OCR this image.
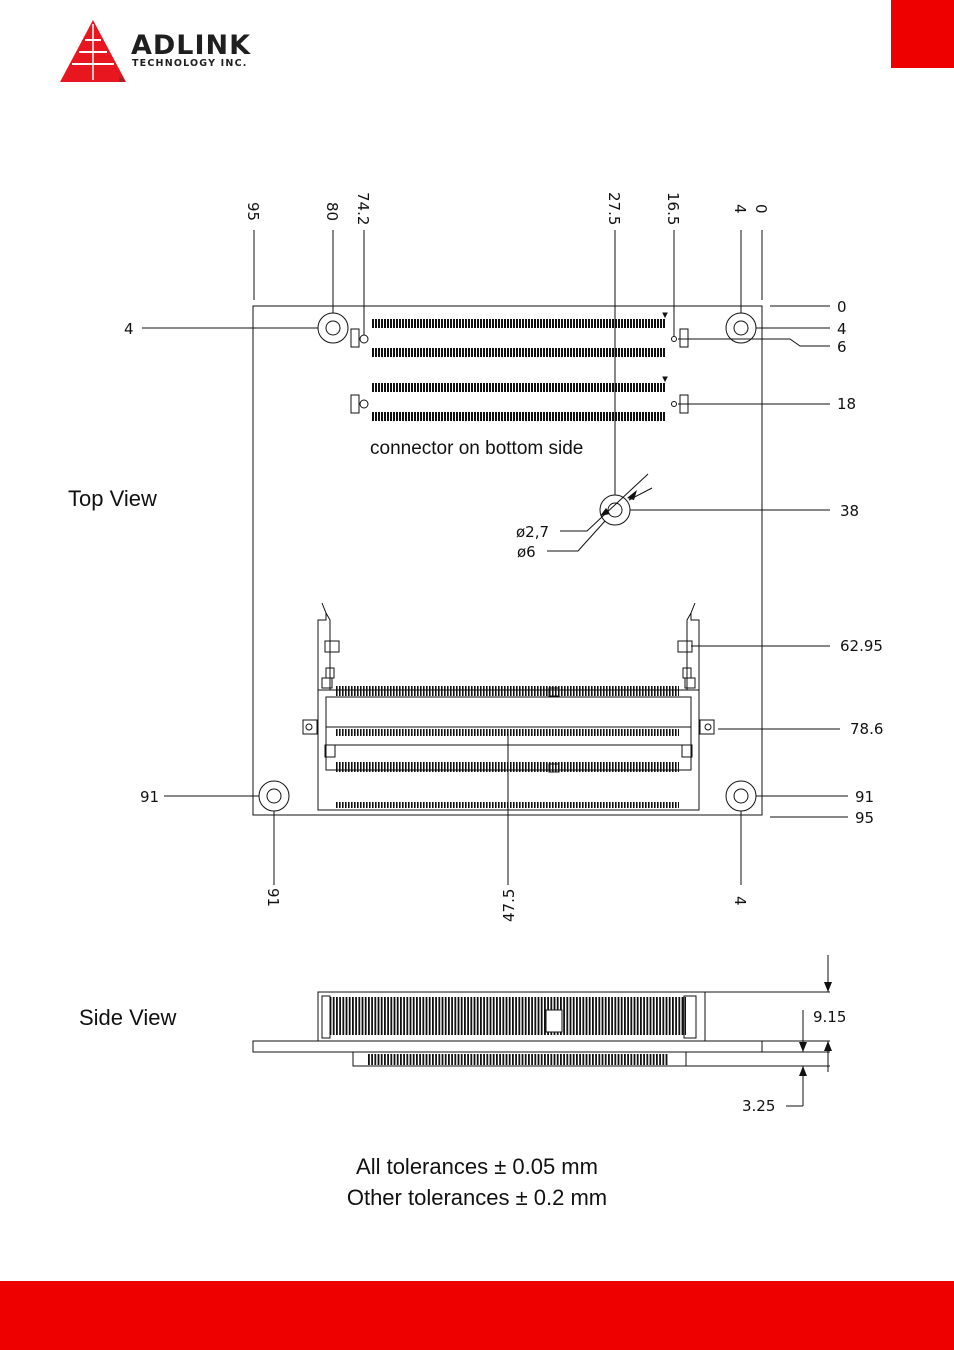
ADLINK
TECHNOLOGY INC.
®
Top View
Side View
95	80 74.2	27.5	16.5	4 0
0
4
6
18
38
62.95
78.6
91
95
4
91
91	47.5	4
ø2,7
ø6
connector on bottom side
9.15
3.25
All tolerances ± 0.05 mm
Other tolerances ± 0.2 mm
